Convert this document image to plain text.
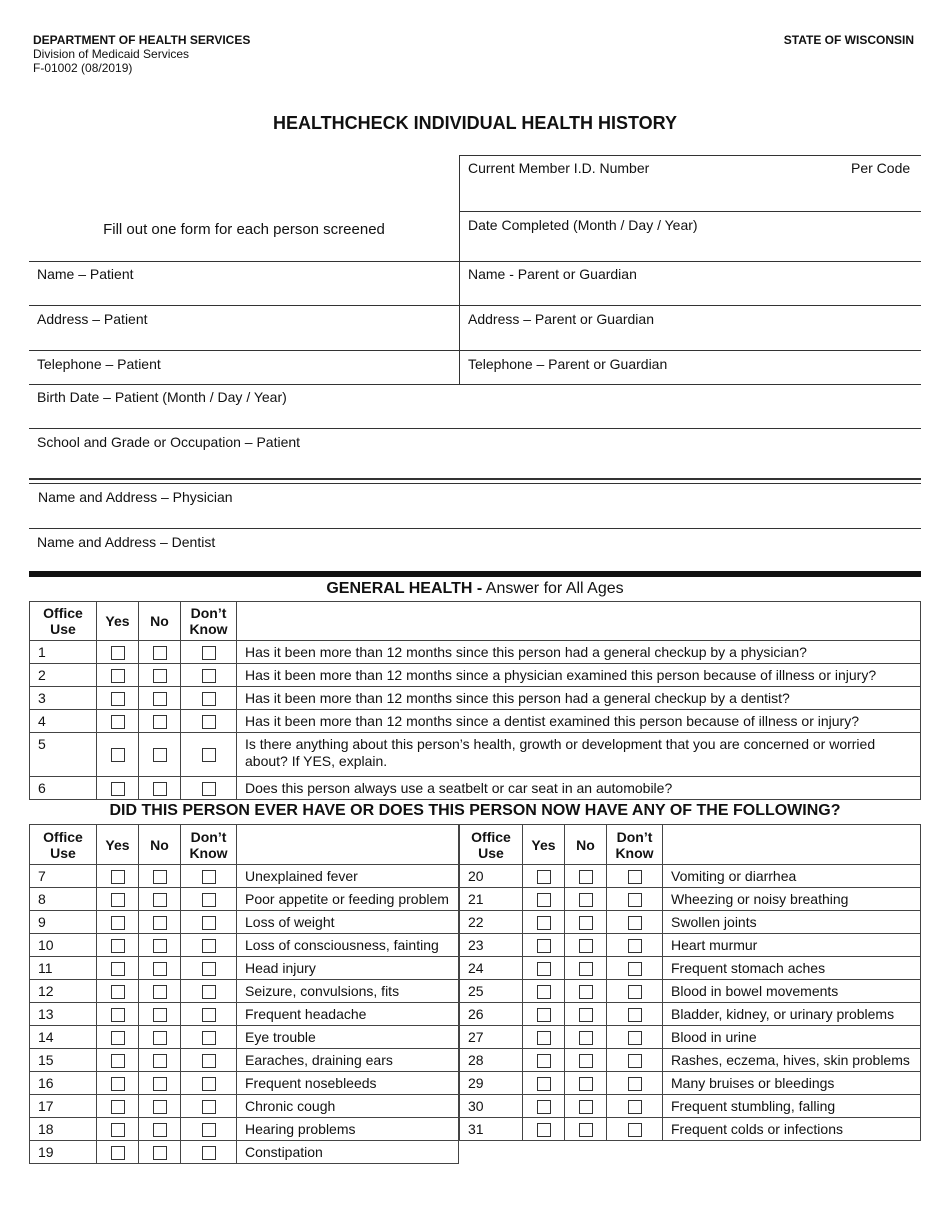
DEPARTMENT OF HEALTH SERVICES
Division of Medicaid Services
F-01002 (08/2019)
STATE OF WISCONSIN
HEALTHCHECK INDIVIDUAL HEALTH HISTORY
Current Member I.D. Number	Per Code
Fill out one form for each person screened	Date Completed (Month / Day / Year)
Name – Patient	Name - Parent or Guardian
Address – Patient	Address – Parent or Guardian
Telephone – Patient	Telephone – Parent or Guardian
Birth Date – Patient (Month / Day / Year)
School and Grade or Occupation – Patient
Name and Address – Physician
Name and Address – Dentist
GENERAL HEALTH - Answer for All Ages
Office Use	Yes	No	Don’t Know	
1				Has it been more than 12 months since this person had a general checkup by a physician?
2				Has it been more than 12 months since a physician examined this person because of illness or injury?
3				Has it been more than 12 months since this person had a general checkup by a dentist?
4				Has it been more than 12 months since a dentist examined this person because of illness or injury?
5				Is there anything about this person’s health, growth or development that you are concerned or worried about? If YES, explain.
6				Does this person always use a seatbelt or car seat in an automobile?
DID THIS PERSON EVER HAVE OR DOES THIS PERSON NOW HAVE ANY OF THE FOLLOWING?
Office Use	Yes	No	Don’t Know	
7				Unexplained fever
8				Poor appetite or feeding problem
9				Loss of weight
10				Loss of consciousness, fainting
11				Head injury
12				Seizure, convulsions, fits
13				Frequent headache
14				Eye trouble
15				Earaches, draining ears
16				Frequent nosebleeds
17				Chronic cough
18				Hearing problems
19				Constipation
Office Use	Yes	No	Don’t Know	
20				Vomiting or diarrhea
21				Wheezing or noisy breathing
22				Swollen joints
23				Heart murmur
24				Frequent stomach aches
25				Blood in bowel movements
26				Bladder, kidney, or urinary problems
27				Blood in urine
28				Rashes, eczema, hives, skin problems
29				Many bruises or bleedings
30				Frequent stumbling, falling
31				Frequent colds or infections
